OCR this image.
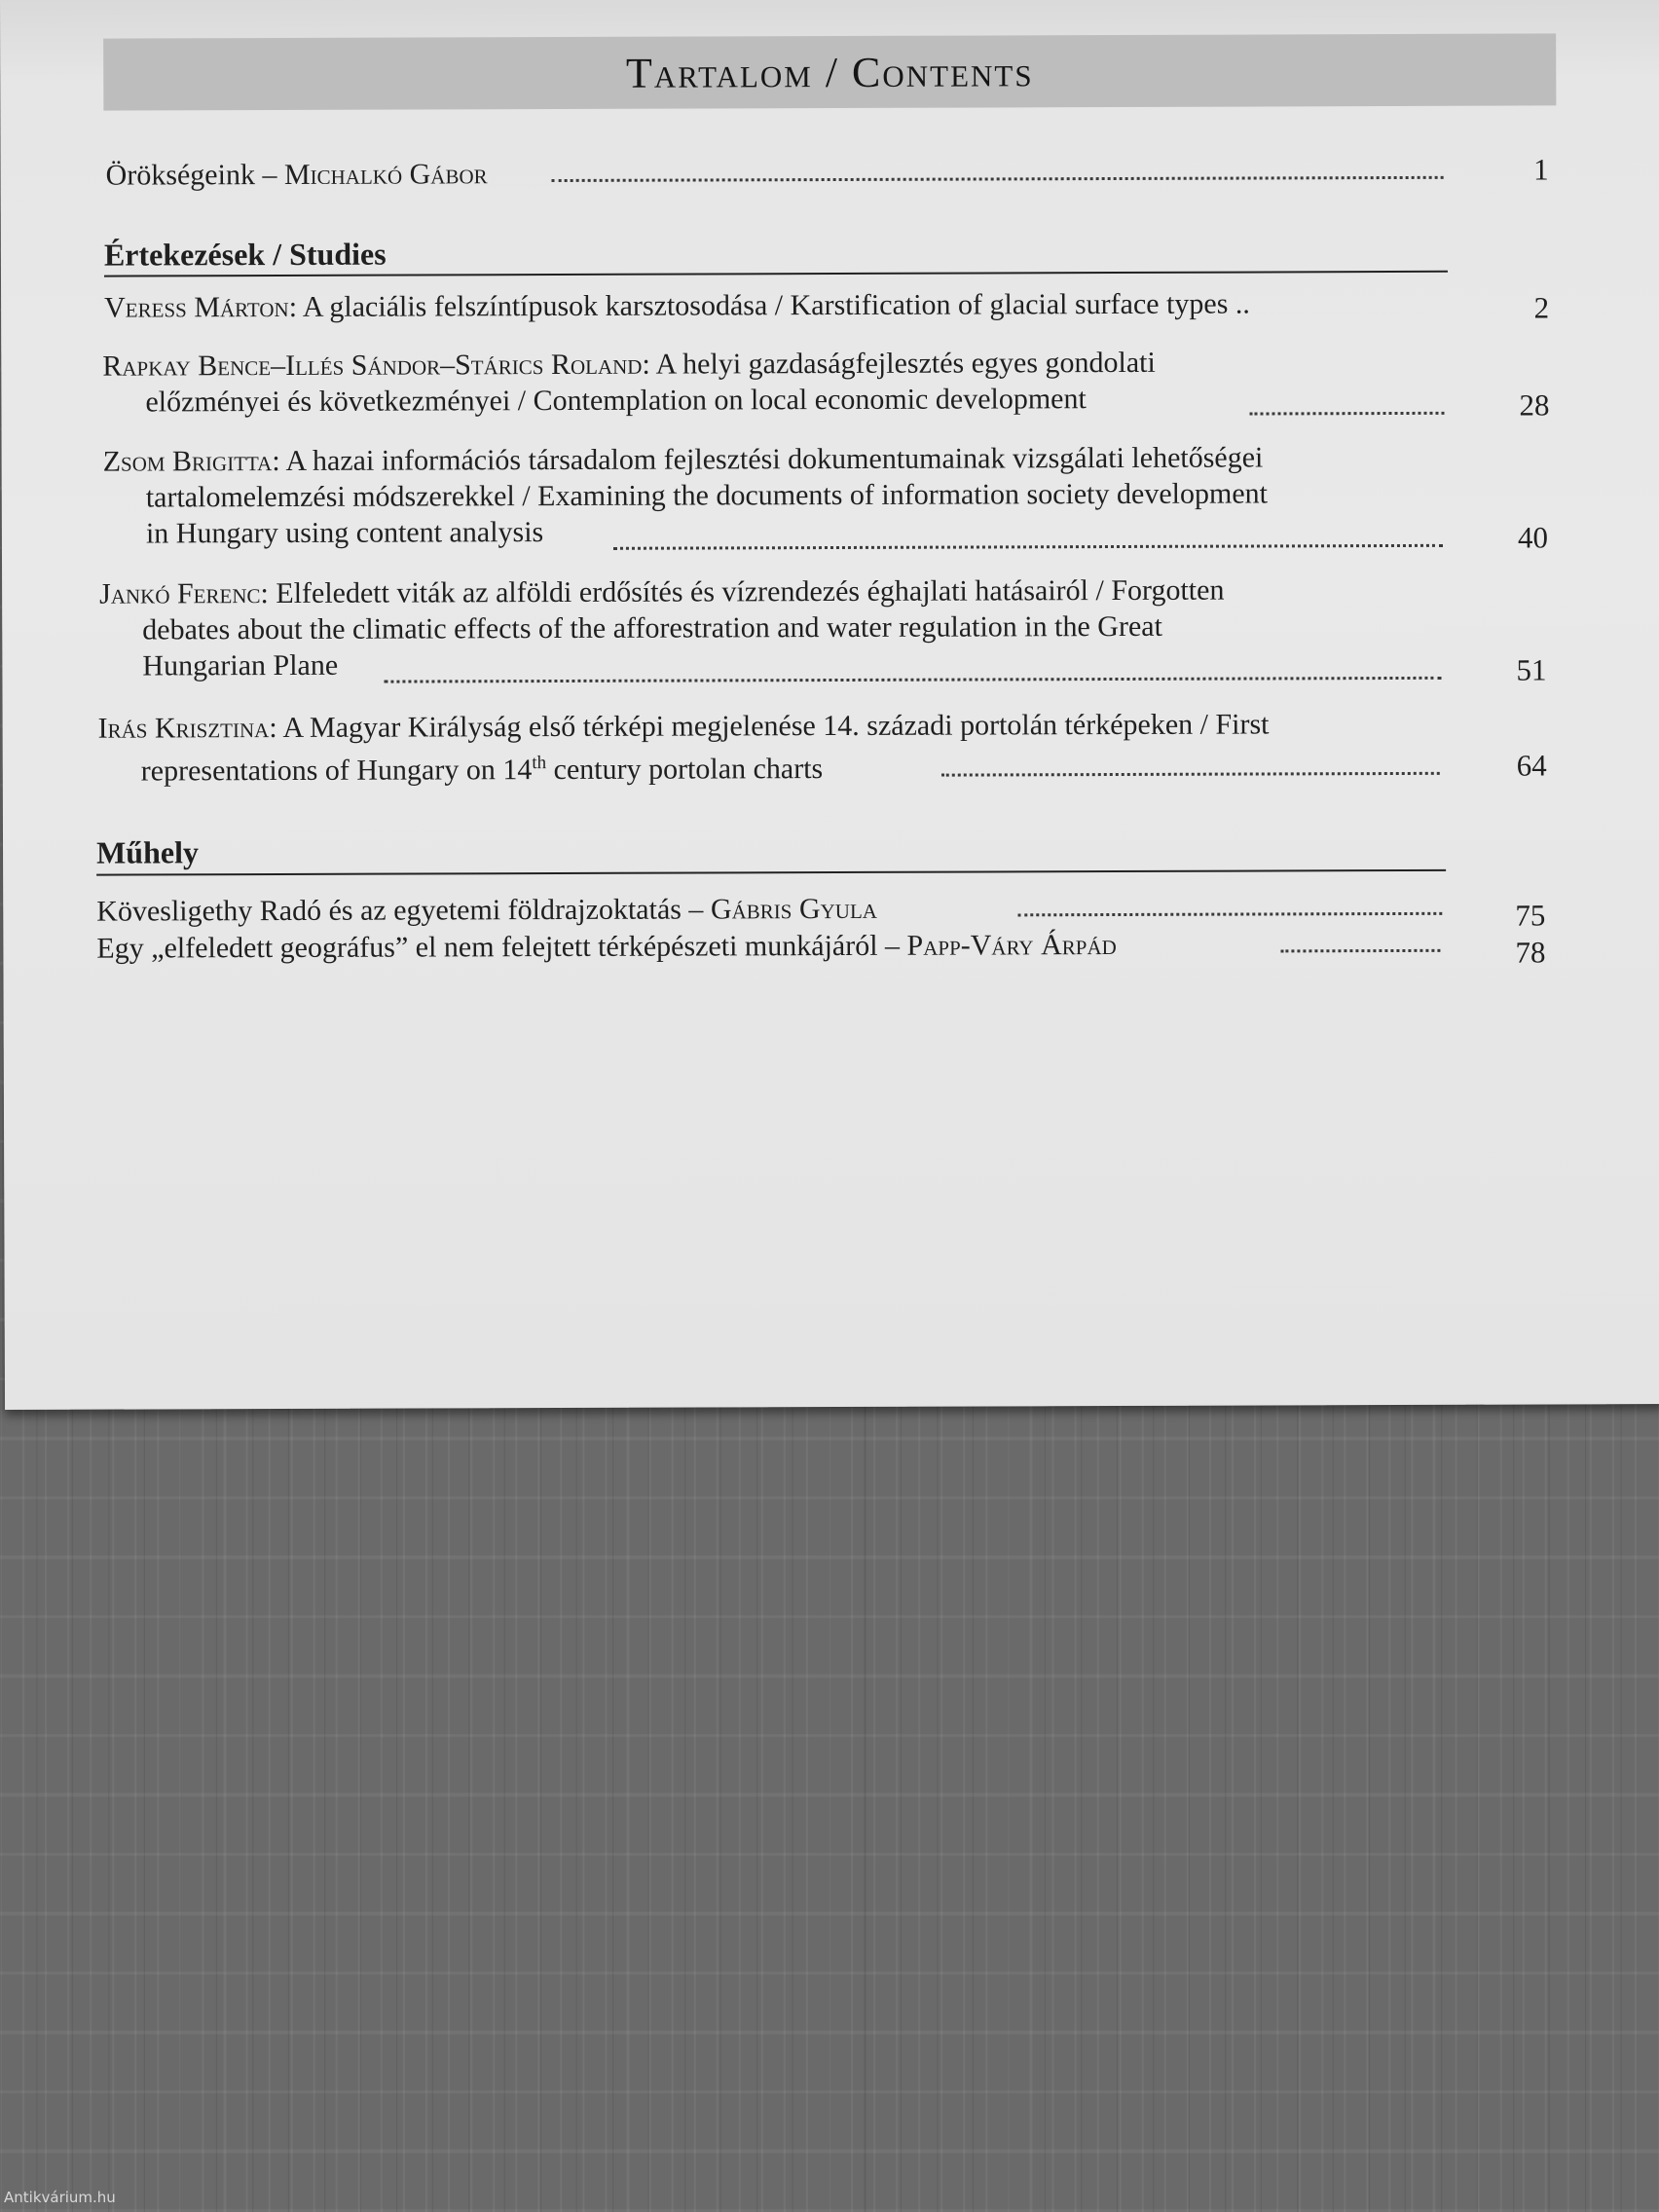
Tartalom / Contents
Örökségeink – Michalkó Gábor	1
Értekezések / Studies
Veress Márton: A glaciális felszíntípusok karsztosodása / Karstification of glacial surface types ..	2
Rapkay Bence–Illés Sándor–Stárics Roland: A helyi gazdaságfejlesztés egyes gondolati
előzményei és következményei / Contemplation on local economic development	28
Zsom Brigitta: A hazai információs társadalom fejlesztési dokumentumainak vizsgálati lehetőségei
tartalomelemzési módszerekkel / Examining the documents of information society development
in Hungary using content analysis	40
Jankó Ferenc: Elfeledett viták az alföldi erdősítés és vízrendezés éghajlati hatásairól / Forgotten
debates about the climatic effects of the afforestration and water regulation in the Great
Hungarian Plane	51
Irás Krisztina: A Magyar Királyság első térképi megjelenése 14. századi portolán térképeken / First
representations of Hungary on 14th century portolan charts	64
Műhely
Kövesligethy Radó és az egyetemi földrajzoktatás – Gábris Gyula	75
Egy „elfeledett geográfus” el nem felejtett térképészeti munkájáról – Papp-Váry Árpád	78
Antikvárium.hu
